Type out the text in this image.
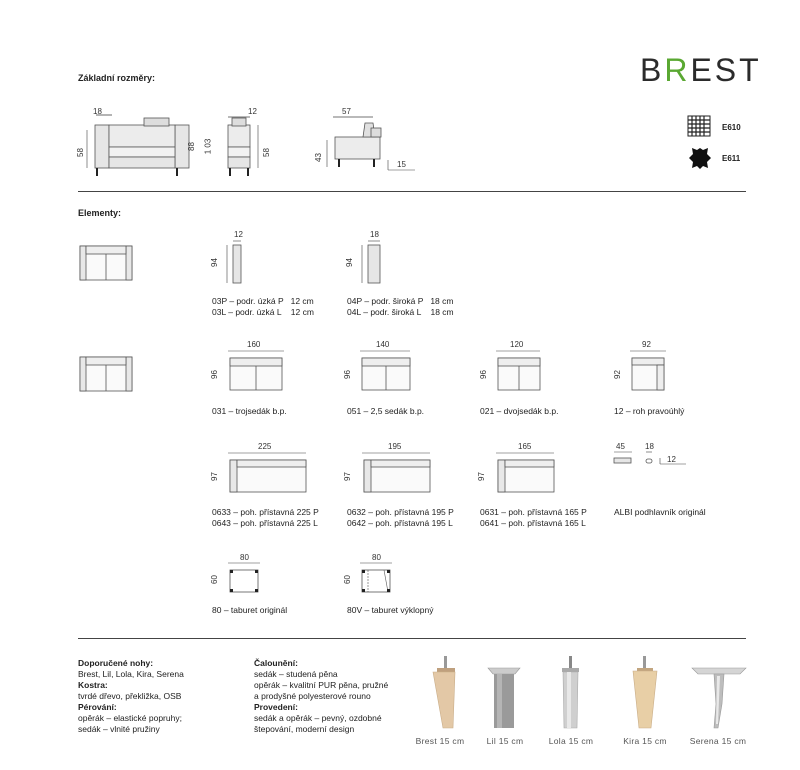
BREST
Základní rozměry:
18
58
88 1 03
12
58
57
43
15
E610
E611
Elementy:
12
94
03P – podr. úzká P   12 cm
03L – podr. úzká L    12 cm
18
94
04P – podr. široká P   18 cm
04L – podr. široká L    18 cm
160
96
031 – trojsedák b.p.
140
96
051 – 2,5 sedák b.p.
120
96
021 – dvojsedák b.p.
92
92
12 – roh pravoúhlý
225
97
0633 – poh. přístavná 225 P
0643 – poh. přístavná 225 L
195
97
0632 – poh. přístavná 195 P
0642 – poh. přístavná 195 L
165
97
0631 – poh. přístavná 165 P
0641 – poh. přístavná 165 L
45	18
12
ALBI podhlavník originál
80
60
80 – taburet originál
80
60
80V – taburet výklopný
Doporučené nohy:
Brest, Lil, Lola, Kira, Serena
Kostra:
tvrdé dřevo, překližka, OSB
Pérování:
opěrák – elastické popruhy;
sedák – vlnité pružiny
Čalounění:
sedák – studená pěna
opěrák – kvalitní PUR pěna, pružné
a prodyšné polyesterové rouno
Provedení:
sedák a opěrák – pevný, ozdobné
štepování, moderní design
Brest 15 cm	Lil 15 cm	Lola 15 cm	Kira 15 cm	Serena 15 cm
